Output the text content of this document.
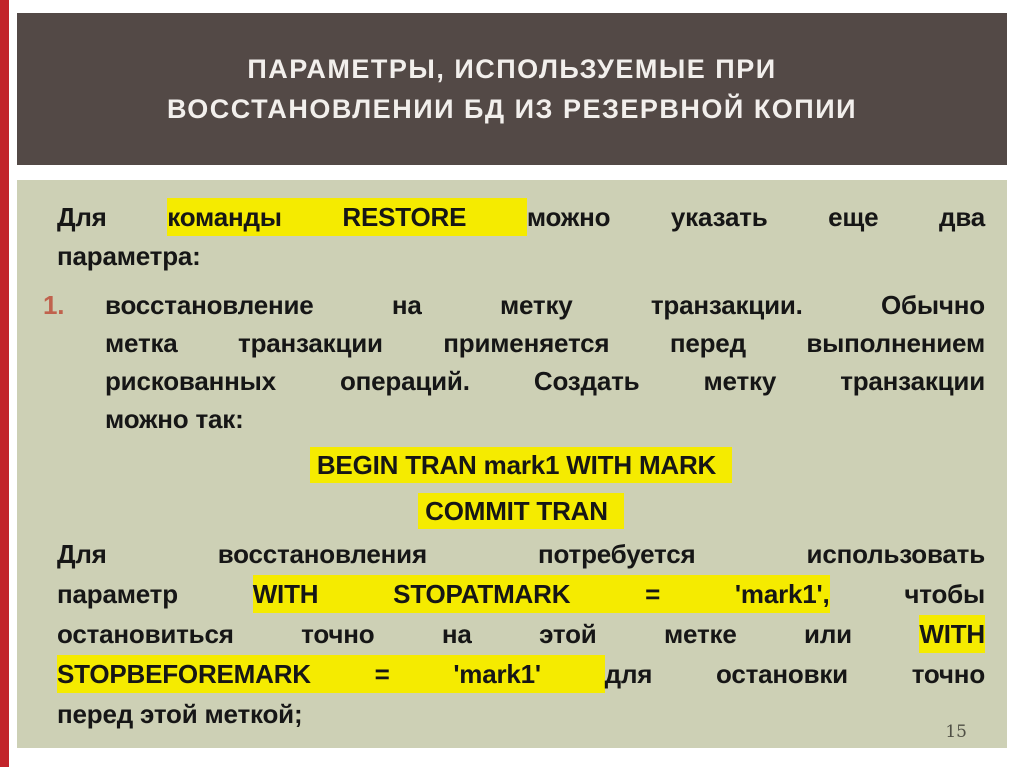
ПАРАМЕТРЫ, ИСПОЛЬЗУЕМЫЕ ПРИ
ВОССТАНОВЛЕНИИ БД ИЗ РЕЗЕРВНОЙ КОПИИ
Для команды RESTORE можно указать еще два
параметра:
1. восстановление на метку транзакции. Обычно
метка транзакции применяется перед выполнением
рискованных операций. Создать метку транзакции
можно так:
BEGIN TRAN mark1 WITH MARK
COMMIT TRAN
Для восстановления потребуется использовать
параметр WITH STOPATMARK = 'mark1', чтобы
остановиться точно на этой метке или WITH
STOPBEFOREMARK = 'mark1' для остановки точно
перед этой меткой;
15
